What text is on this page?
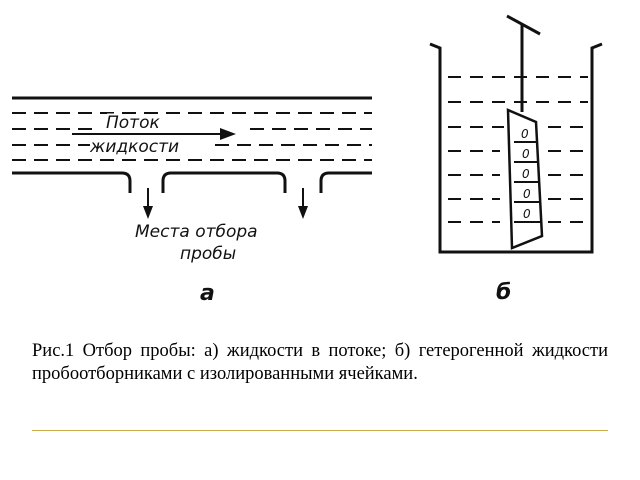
Поток
жидкости
Места отбора
пробы
а
0
0
0
0
0
б

Рис.1 Отбор пробы: а) жидкости в потоке; б) гетерогенной жидкости пробоотборниками с изолированными ячейками.
